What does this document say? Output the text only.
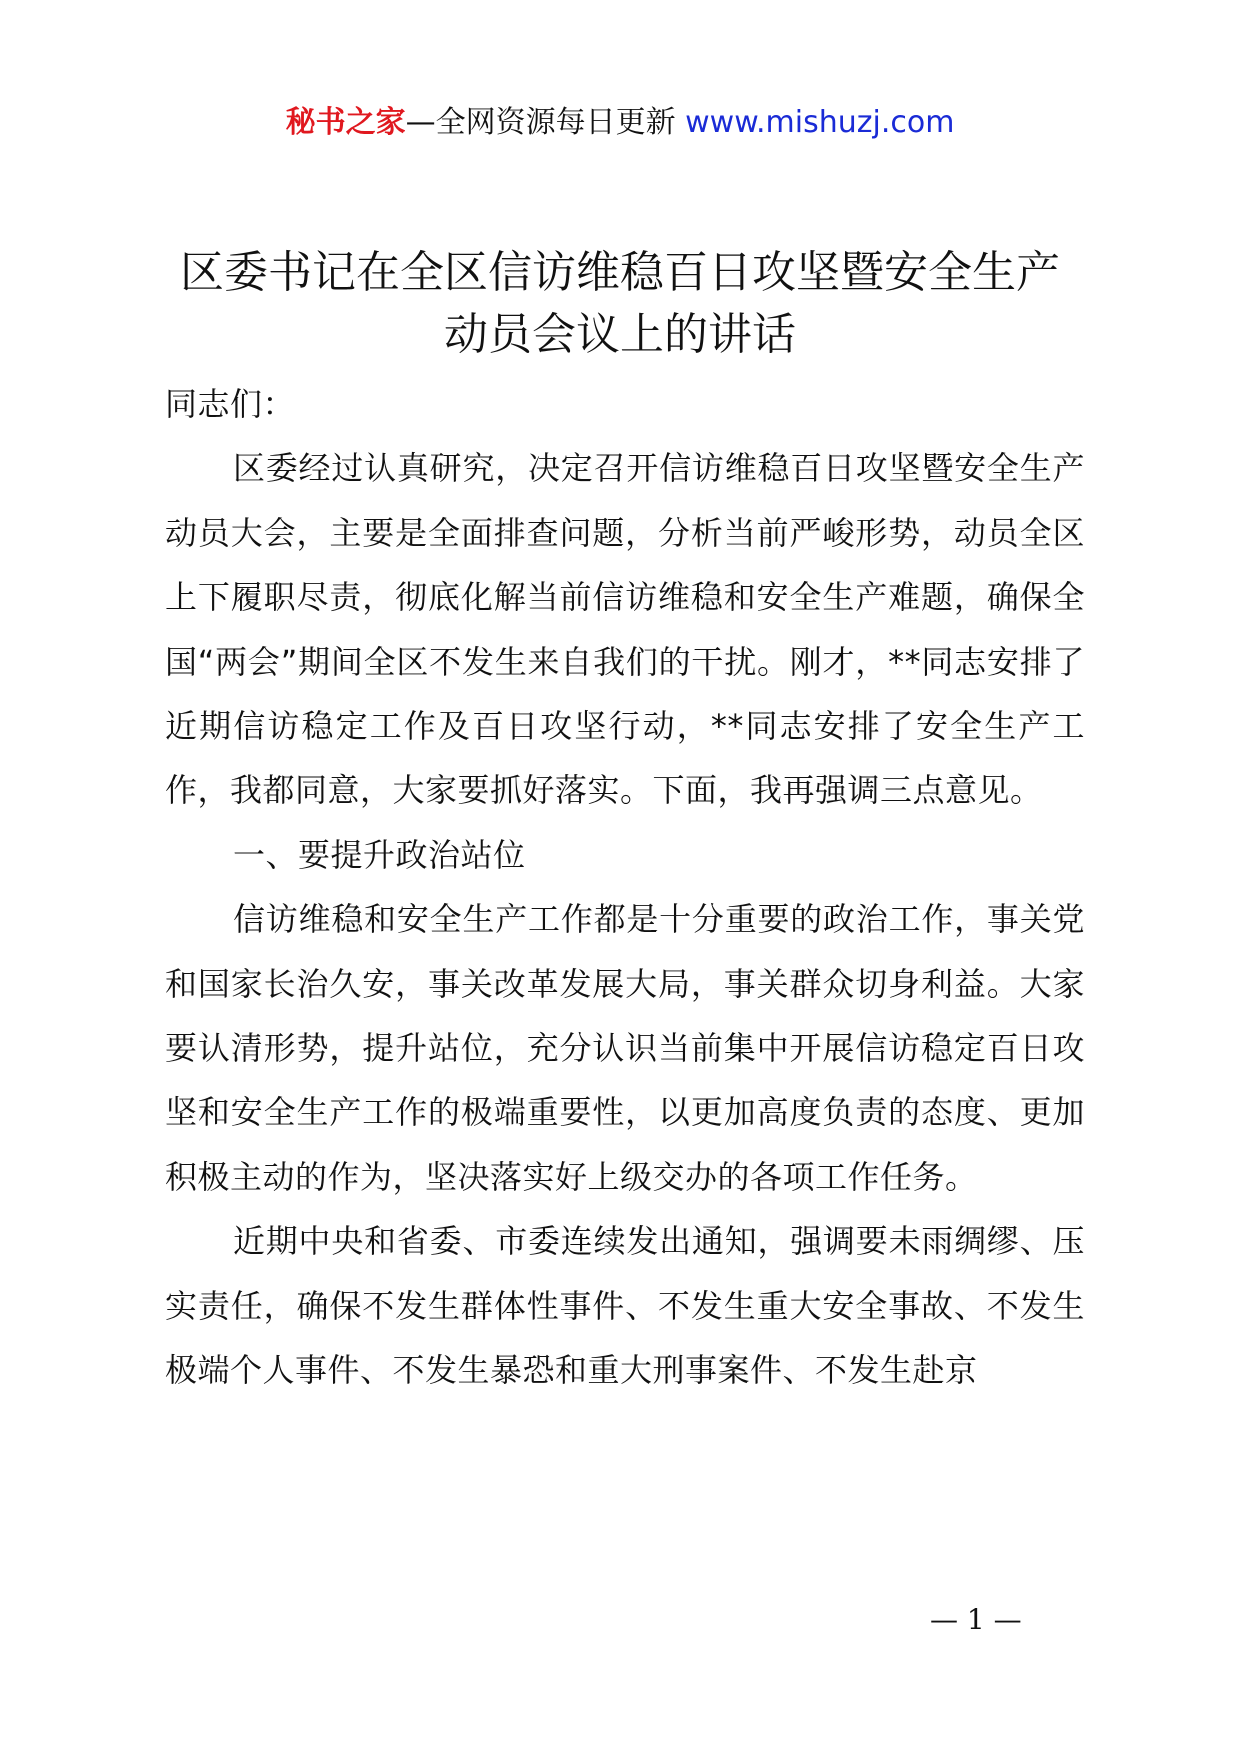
秘书之家—全网资源每日更新 www.mishuzj.com
区委书记在全区信访维稳百日攻坚暨安全生产
动员会议上的讲话

同志们：

区委经过认真研究，决定召开信访维稳百日攻坚暨安全生产动员大会，主要是全面排查问题，分析当前严峻形势，动员全区上下履职尽责，彻底化解当前信访维稳和安全生产难题，确保全国“两会”期间全区不发生来自我们的干扰。刚才，**同志安排了近期信访稳定工作及百日攻坚行动，**同志安排了安全生产工作，我都同意，大家要抓好落实。下面，我再强调三点意见。

一、要提升政治站位

信访维稳和安全生产工作都是十分重要的政治工作，事关党和国家长治久安，事关改革发展大局，事关群众切身利益。大家要认清形势，提升站位，充分认识当前集中开展信访稳定百日攻坚和安全生产工作的极端重要性，以更加高度负责的态度、更加积极主动的作为，坚决落实好上级交办的各项工作任务。

近期中央和省委、市委连续发出通知，强调要未雨绸缪、压实责任，确保不发生群体性事件、不发生重大安全事故、不发生极端个人事件、不发生暴恐和重大刑事案件、不发生赴京

— 1 —
